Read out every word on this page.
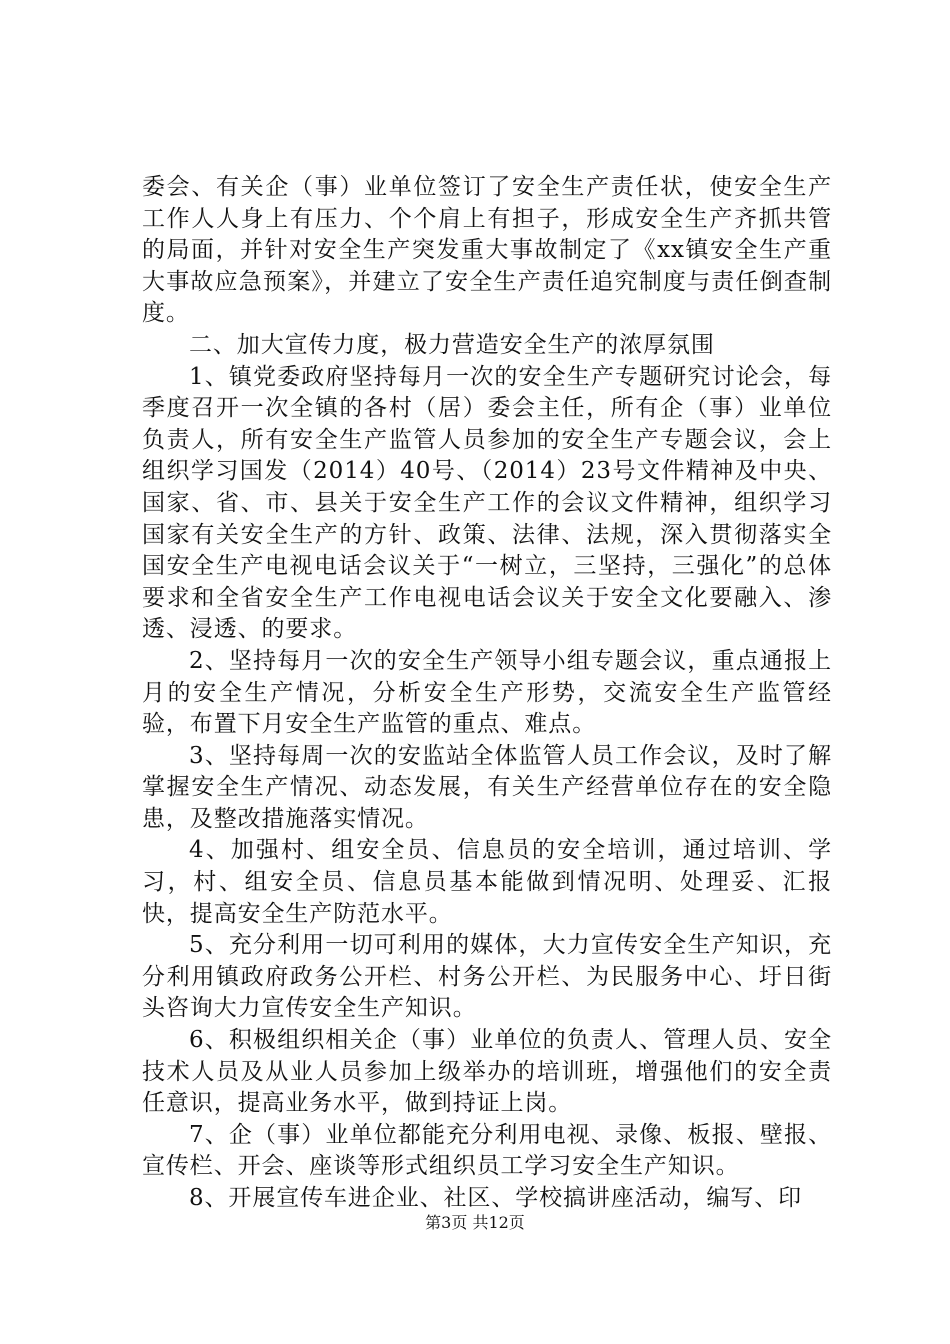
委会、有关企（事）业单位签订了安全生产责任状，使安全生产工作人人身上有压力、个个肩上有担子，形成安全生产齐抓共管的局面，并针对安全生产突发重大事故制定了《xx镇安全生产重大事故应急预案》，并建立了安全生产责任追究制度与责任倒查制度。

二、加大宣传力度，极力营造安全生产的浓厚氛围

1、镇党委政府坚持每月一次的安全生产专题研究讨论会，每季度召开一次全镇的各村（居）委会主任，所有企（事）业单位负责人，所有安全生产监管人员参加的安全生产专题会议，会上组织学习国发（2014）40号、（2014）23号文件精神及中央、国家、省、市、县关于安全生产工作的会议文件精神，组织学习国家有关安全生产的方针、政策、法律、法规，深入贯彻落实全国安全生产电视电话会议关于“一树立，三坚持，三强化”的总体要求和全省安全生产工作电视电话会议关于安全文化要融入、渗透、浸透、的要求。

2、坚持每月一次的安全生产领导小组专题会议，重点通报上月的安全生产情况，分析安全生产形势，交流安全生产监管经验，布置下月安全生产监管的重点、难点。

3、坚持每周一次的安监站全体监管人员工作会议，及时了解掌握安全生产情况、动态发展，有关生产经营单位存在的安全隐患，及整改措施落实情况。

4、加强村、组安全员、信息员的安全培训，通过培训、学习，村、组安全员、信息员基本能做到情况明、处理妥、汇报快，提高安全生产防范水平。

5、充分利用一切可利用的媒体，大力宣传安全生产知识，充分利用镇政府政务公开栏、村务公开栏、为民服务中心、圩日街头咨询大力宣传安全生产知识。

6、积极组织相关企（事）业单位的负责人、管理人员、安全技术人员及从业人员参加上级举办的培训班，增强他们的安全责任意识，提高业务水平，做到持证上岗。

7、企（事）业单位都能充分利用电视、录像、板报、壁报、宣传栏、开会、座谈等形式组织员工学习安全生产知识。

8、开展宣传车进企业、社区、学校搞讲座活动，编写、印

第3页 共12页
